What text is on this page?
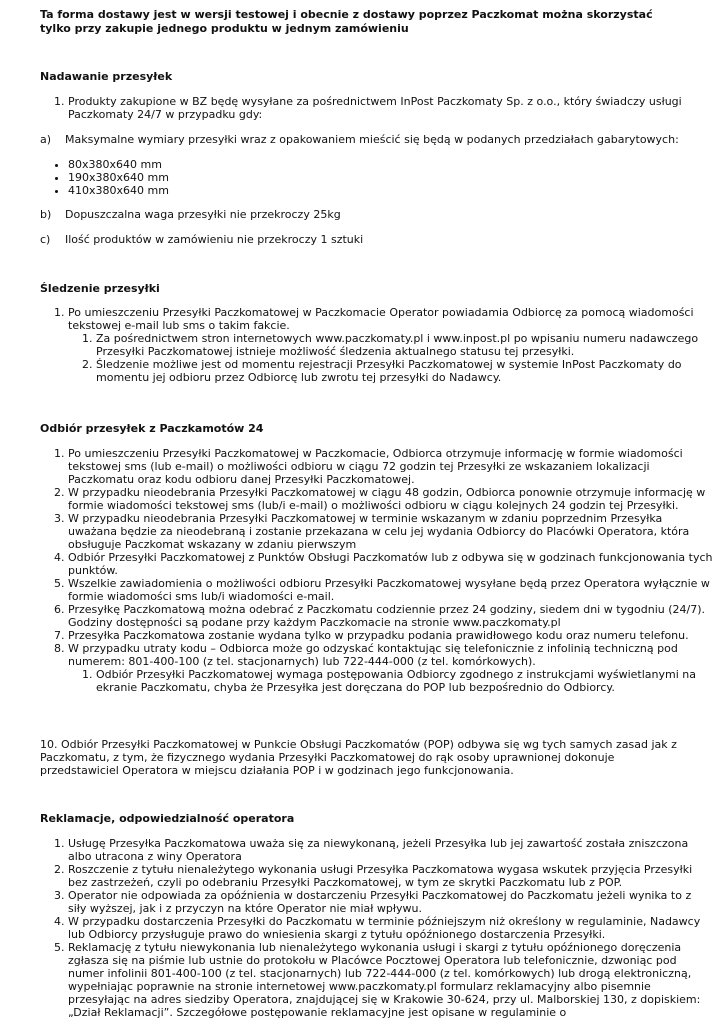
Ta forma dostawy jest w wersji testowej i obecnie z dostawy poprzez Paczkomat można skorzystać tylko przy zakupie jednego produktu w jednym zamówieniu

Nadawanie przesyłek

1. Produkty zakupione w BZ będę wysyłane za pośrednictwem InPost Paczkomaty Sp. z o.o., który świadczy usługi Paczkomaty 24/7 w przypadku gdy:
a)	Maksymalne wymiary przesyłki wraz z opakowaniem mieścić się będą w podanych przedziałach gabarytowych:
• 80x380x640 mm
• 190x380x640 mm
• 410x380x640 mm
b)	Dopuszczalna waga przesyłki nie przekroczy 25kg
c)	Ilość produktów w zamówieniu nie przekroczy 1 sztuki

Śledzenie przesyłki

1. Po umieszczeniu Przesyłki Paczkomatowej w Paczkomacie Operator powiadamia Odbiorcę za pomocą wiadomości tekstowej e-mail lub sms o takim fakcie.
1. Za pośrednictwem stron internetowych www.paczkomaty.pl i www.inpost.pl po wpisaniu numeru nadawczego Przesyłki Paczkomatowej istnieje możliwość śledzenia aktualnego statusu tej przesyłki.
2. Śledzenie możliwe jest od momentu rejestracji Przesyłki Paczkomatowej w systemie InPost Paczkomaty do momentu jej odbioru przez Odbiorcę lub zwrotu tej przesyłki do Nadawcy.

Odbiór przesyłek z Paczkamotów 24

1. Po umieszczeniu Przesyłki Paczkomatowej w Paczkomacie, Odbiorca otrzymuje informację w formie wiadomości tekstowej sms (lub e-mail) o możliwości odbioru w ciągu 72 godzin tej Przesyłki ze wskazaniem lokalizacji Paczkomatu oraz kodu odbioru danej Przesyłki Paczkomatowej.
2. W przypadku nieodebrania Przesyłki Paczkomatowej w ciągu 48 godzin, Odbiorca ponownie otrzymuje informację w formie wiadomości tekstowej sms (lub/i e-mail) o możliwości odbioru w ciągu kolejnych 24 godzin tej Przesyłki.
3. W przypadku nieodebrania Przesyłki Paczkomatowej w terminie wskazanym w zdaniu poprzednim Przesyłka uważana będzie za nieodebraną i zostanie przekazana w celu jej wydania Odbiorcy do Placówki Operatora, która obsługuje Paczkomat wskazany w zdaniu pierwszym
4. Odbiór Przesyłki Paczkomatowej z Punktów Obsługi Paczkomatów lub z odbywa się w godzinach funkcjonowania tych punktów.
5. Wszelkie zawiadomienia o możliwości odbioru Przesyłki Paczkomatowej wysyłane będą przez Operatora wyłącznie w formie wiadomości sms lub/i wiadomości e-mail.
6. Przesyłkę Paczkomatową można odebrać z Paczkomatu codziennie przez 24 godziny, siedem dni w tygodniu (24/7). Godziny dostępności są podane przy każdym Paczkomacie na stronie www.paczkomaty.pl
7. Przesyłka Paczkomatowa zostanie wydana tylko w przypadku podania prawidłowego kodu oraz numeru telefonu.
8. W przypadku utraty kodu – Odbiorca może go odzyskać kontaktując się telefonicznie z infolinią techniczną pod numerem: 801-400-100 (z tel. stacjonarnych) lub 722-444-000 (z tel. komórkowych).
1. Odbiór Przesyłki Paczkomatowej wymaga postępowania Odbiorcy zgodnego z instrukcjami wyświetlanymi na ekranie Paczkomatu, chyba że Przesyłka jest doręczana do POP lub bezpośrednio do Odbiorcy.

10. Odbiór Przesyłki Paczkomatowej w Punkcie Obsługi Paczkomatów (POP) odbywa się wg tych samych zasad jak z Paczkomatu, z tym, że fizycznego wydania Przesyłki Paczkomatowej do rąk osoby uprawnionej dokonuje przedstawiciel Operatora w miejscu działania POP i w godzinach jego funkcjonowania.

Reklamacje, odpowiedzialność operatora

1. Usługę Przesyłka Paczkomatowa uważa się za niewykonaną, jeżeli Przesyłka lub jej zawartość została zniszczona albo utracona z winy Operatora
2. Roszczenie z tytułu nienależytego wykonania usługi Przesyłka Paczkomatowa wygasa wskutek przyjęcia Przesyłki bez zastrzeżeń, czyli po odebraniu Przesyłki Paczkomatowej, w tym ze skrytki Paczkomatu lub z POP.
3. Operator nie odpowiada za opóźnienia w dostarczeniu Przesyłki Paczkomatowej do Paczkomatu jeżeli wynika to z siły wyższej, jak i z przyczyn na które Operator nie miał wpływu.
4. W przypadku dostarczenia Przesyłki do Paczkomatu w terminie późniejszym niż określony w regulaminie, Nadawcy lub Odbiorcy przysługuje prawo do wniesienia skargi z tytułu opóźnionego dostarczenia Przesyłki.
5. Reklamację z tytułu niewykonania lub nienależytego wykonania usługi i skargi z tytułu opóźnionego doręczenia zgłasza się na piśmie lub ustnie do protokołu w Placówce Pocztowej Operatora lub telefonicznie, dzwoniąc pod numer infolinii 801-400-100 (z tel. stacjonarnych) lub 722-444-000 (z tel. komórkowych) lub drogą elektroniczną, wypełniając poprawnie na stronie internetowej www.paczkomaty.pl formularz reklamacyjny albo pisemnie przesyłając na adres siedziby Operatora, znajdującej się w Krakowie 30-624, przy ul. Malborskiej 130, z dopiskiem: „Dział Reklamacji”. Szczegółowe postępowanie reklamacyjne jest opisane w regulaminie o
